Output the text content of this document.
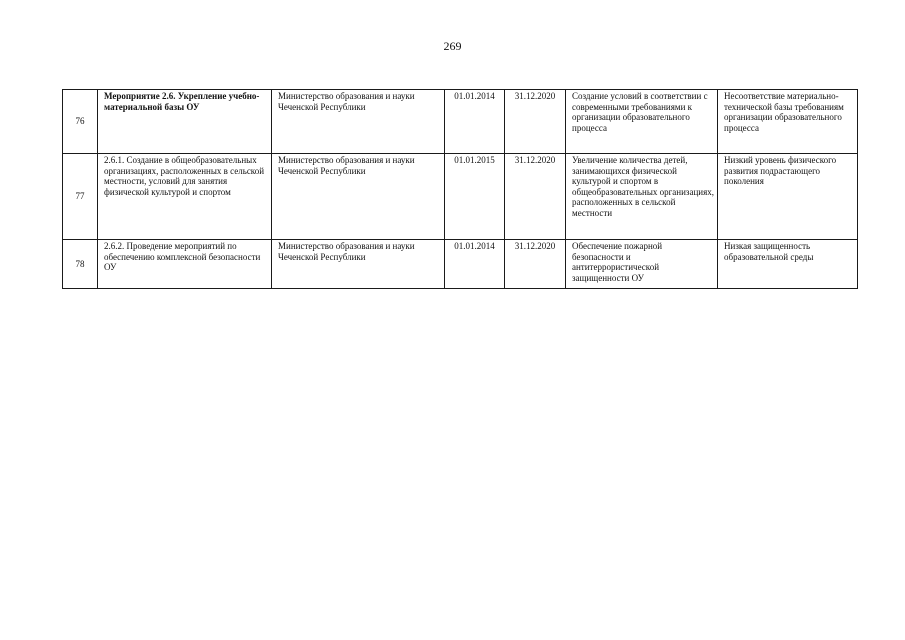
269
76	Мероприятие 2.6. Укрепление учебно-материальной базы ОУ	Министерство образования и науки Чеченской Республики	01.01.2014	31.12.2020	Создание условий в соответствии с современными требованиями к организации образовательного процесса	Несоответствие материально-технической базы требованиям организации образовательного процесса
77	2.6.1. Создание в общеобразовательных организациях, расположенных в сельской местности, условий для занятия физической культурой и спортом	Министерство образования и науки Чеченской Республики	01.01.2015	31.12.2020	Увеличение количества детей, занимающихся физической культурой и спортом в общеобразовательных организациях, расположенных в сельской местности	Низкий уровень физического развития подрастающего поколения
78	2.6.2. Проведение мероприятий по обеспечению комплексной безопасности ОУ	Министерство образования и науки Чеченской Республики	01.01.2014	31.12.2020	Обеспечение пожарной безопасности и антитеррористической защищенности ОУ	Низкая защищенность образовательной среды
